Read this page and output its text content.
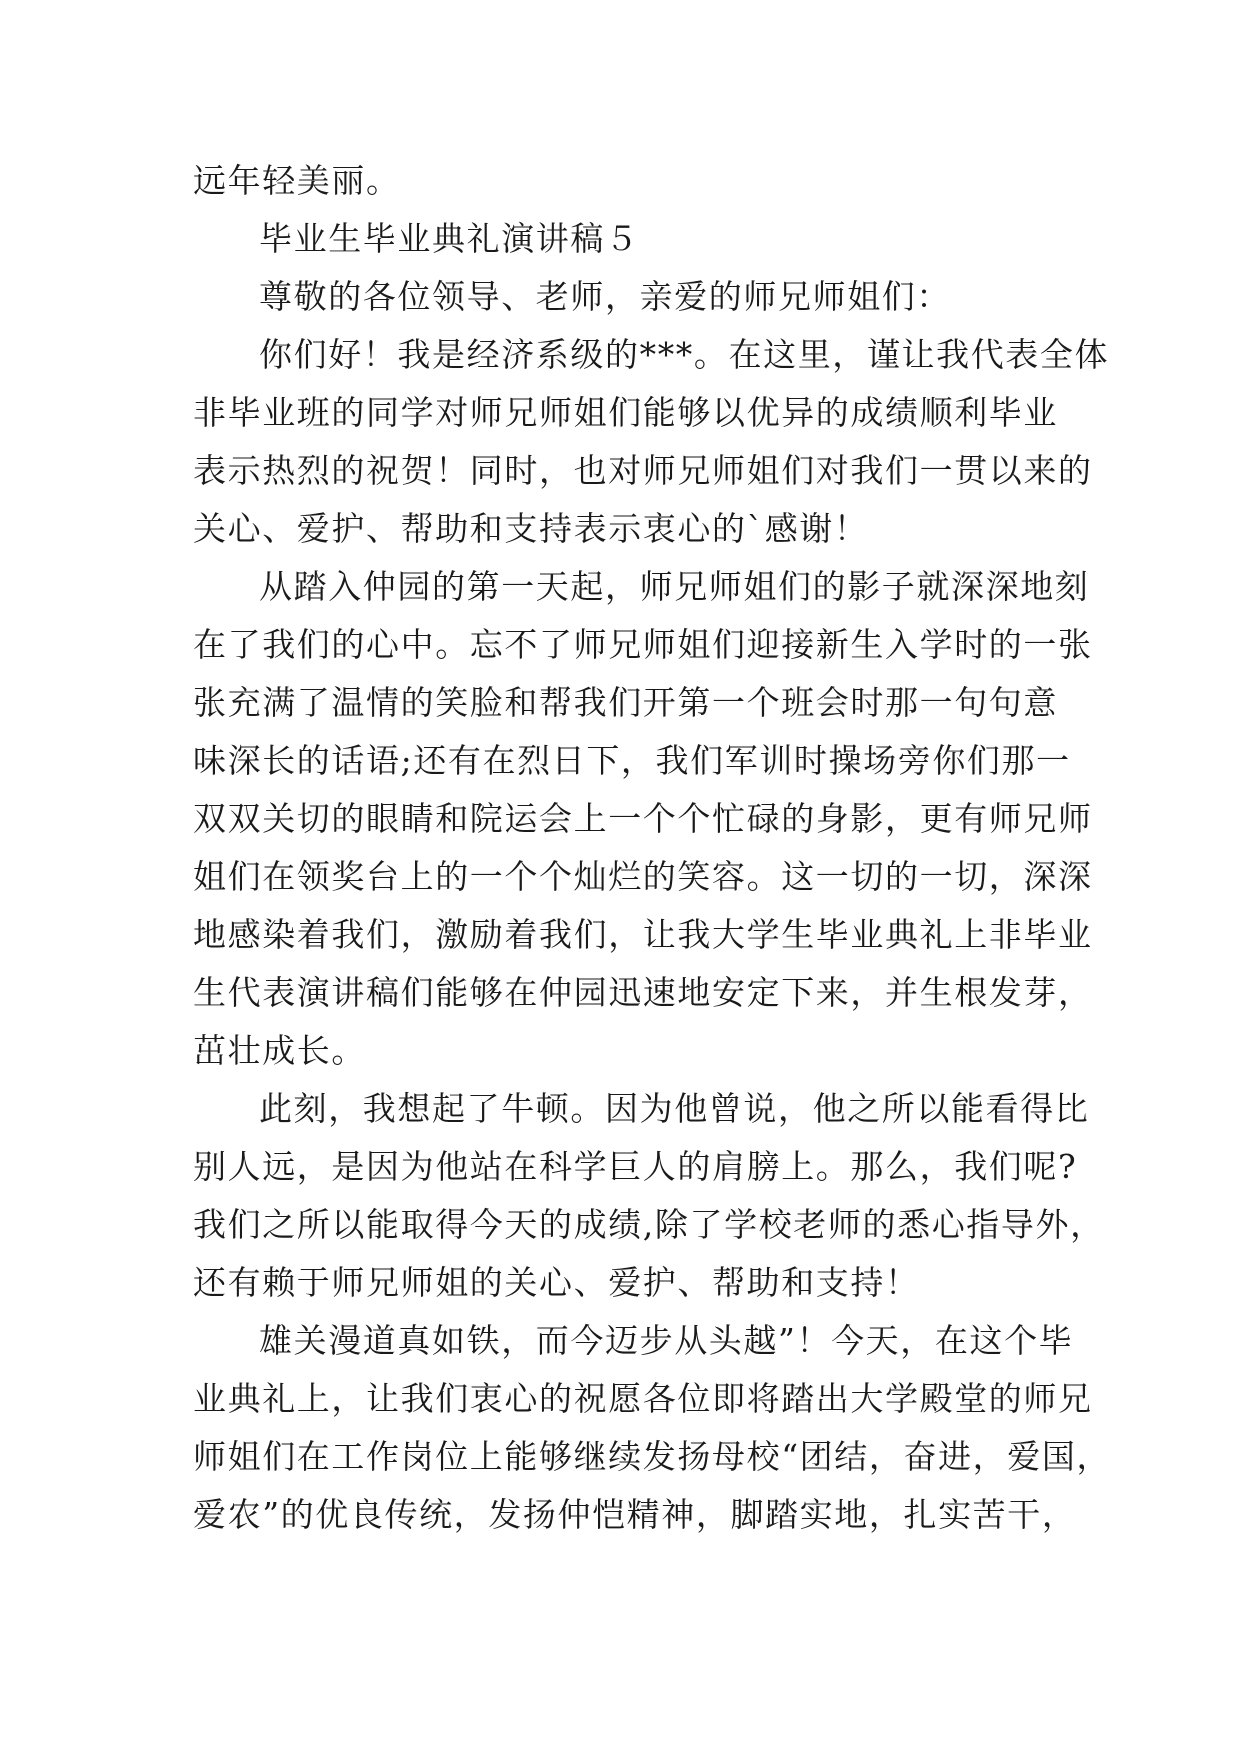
远年轻美丽。
毕业生毕业典礼演讲稿５
尊敬的各位领导、老师，亲爱的师兄师姐们：
你们好！我是经济系级的***。在这里，谨让我代表全体
非毕业班的同学对师兄师姐们能够以优异的成绩顺利毕业
表示热烈的祝贺！同时，也对师兄师姐们对我们一贯以来的
关心、爱护、帮助和支持表示衷心的`感谢！
从踏入仲园的第一天起，师兄师姐们的影子就深深地刻
在了我们的心中。忘不了师兄师姐们迎接新生入学时的一张
张充满了温情的笑脸和帮我们开第一个班会时那一句句意
味深长的话语;还有在烈日下，我们军训时操场旁你们那一
双双关切的眼睛和院运会上一个个忙碌的身影，更有师兄师
姐们在领奖台上的一个个灿烂的笑容。这一切的一切，深深
地感染着我们，激励着我们，让我大学生毕业典礼上非毕业
生代表演讲稿们能够在仲园迅速地安定下来，并生根发芽，
茁壮成长。
此刻，我想起了牛顿。因为他曾说，他之所以能看得比
别人远，是因为他站在科学巨人的肩膀上。那么，我们呢?
我们之所以能取得今天的成绩,除了学校老师的悉心指导外，
还有赖于师兄师姐的关心、爱护、帮助和支持！
雄关漫道真如铁，而今迈步从头越”！今天，在这个毕
业典礼上，让我们衷心的祝愿各位即将踏出大学殿堂的师兄
师姐们在工作岗位上能够继续发扬母校“团结，奋进，爱国，
爱农”的优良传统，发扬仲恺精神，脚踏实地，扎实苦干，
